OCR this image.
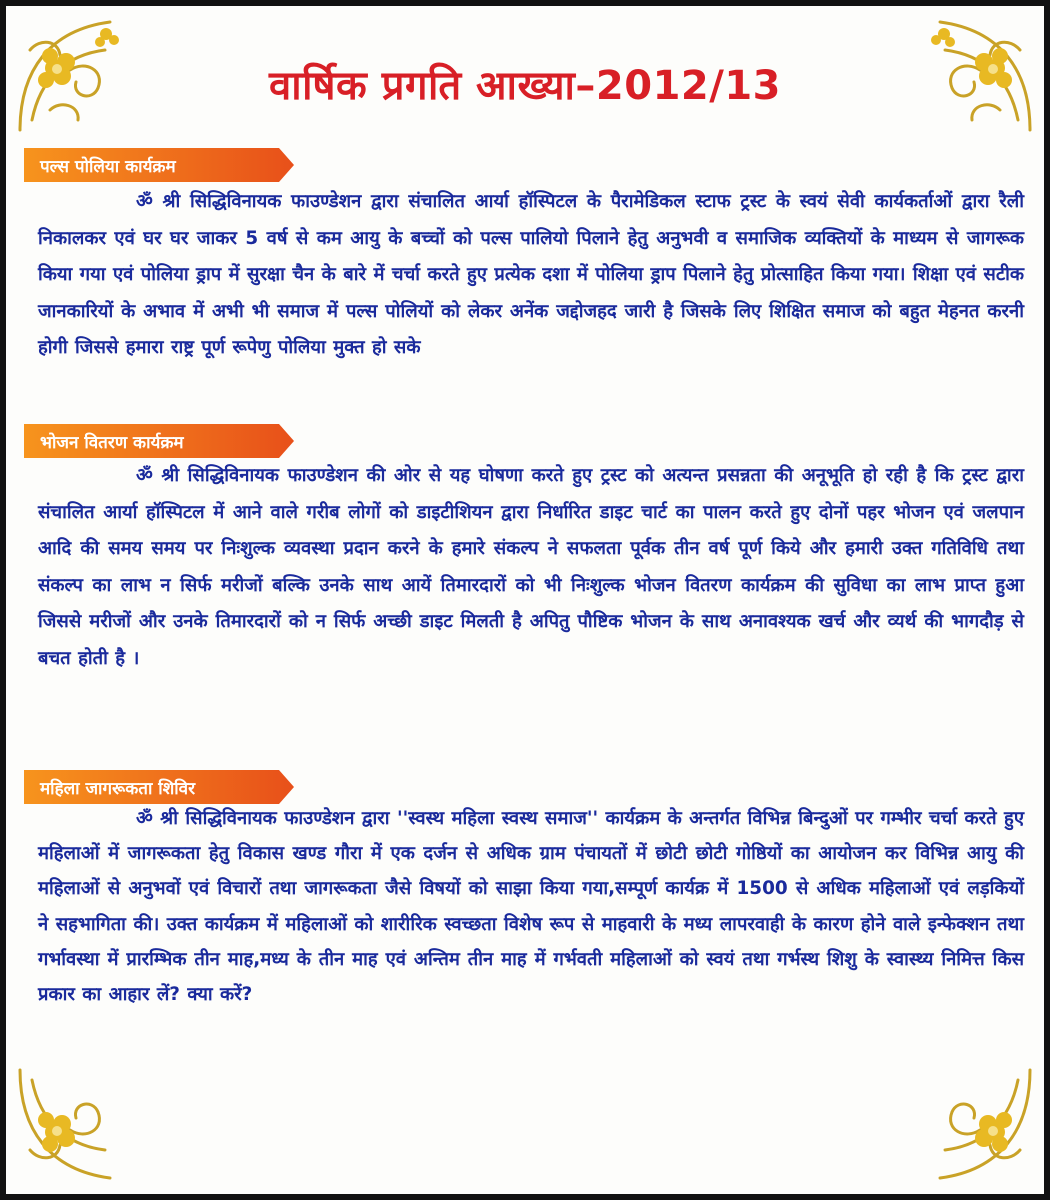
वार्षिक प्रगति आख्या–2012/13
पल्स पोलिया कार्यक्रम
ॐ श्री सिद्धिविनायक फाउण्डेशन द्वारा संचालित आर्या हॉस्पिटल के पैरामेडिकल स्टाफ ट्रस्ट के स्वयं सेवी कार्यकर्ताओं द्वारा रैली निकालकर एवं घर घर जाकर 5 वर्ष से कम आयु के बच्चों को पल्स पालियो पिलाने हेतु अनुभवी व समाजिक व्यक्तियों के माध्यम से जागरूक किया गया एवं पोलिया ड्राप में सुरक्षा चैन के बारे में चर्चा करते हुए प्रत्येक दशा में पोलिया ड्राप पिलाने हेतु प्रोत्साहित किया गया। शिक्षा एवं सटीक जानकारियों के अभाव में अभी भी समाज में पल्स पोलियों को लेकर अनेंक जद्दोजहद जारी है जिसके लिए शिक्षित समाज को बहुत मेहनत करनी होगी जिससे हमारा राष्ट्र पूर्ण रूपेणु पोलिया मुक्त हो सके
भोजन वितरण कार्यक्रम
ॐ श्री सिद्धिविनायक फाउण्डेशन की ओर से यह घोषणा करते हुए ट्रस्ट को अत्यन्त प्रसन्नता की अनूभूति हो रही है कि ट्रस्ट द्वारा संचालित आर्या हॉस्पिटल में आने वाले गरीब लोगों को डाइटीशियन द्वारा निर्धारित डाइट चार्ट का पालन करते हुए दोनों पहर भोजन एवं जलपान आदि की समय समय पर निःशुल्क व्यवस्था प्रदान करने के हमारे संकल्प ने सफलता पूर्वक तीन वर्ष पूर्ण किये और हमारी उक्त गतिविधि तथा संकल्प का लाभ न सिर्फ मरीजों बल्कि उनके साथ आयें तिमारदारों को भी निःशुल्क भोजन वितरण कार्यक्रम की सुविधा का लाभ प्राप्त हुआ जिससे मरीजों और उनके तिमारदारों को न सिर्फ अच्छी डाइट मिलती है अपितु पौष्टिक भोजन के साथ अनावश्यक खर्च और व्यर्थ की भागदौड़ से बचत होती है ।
महिला जागरूकता शिविर
ॐ श्री सिद्धिविनायक फाउण्डेशन द्वारा ''स्वस्थ महिला स्वस्थ समाज'' कार्यक्रम के अन्तर्गत विभिन्न बिन्दुओं पर गम्भीर चर्चा करते हुए महिलाओं में जागरूकता हेतु विकास खण्ड गौरा में एक दर्जन से अधिक ग्राम पंचायतों में छोटी छोटी गोष्ठियों का आयोजन कर विभिन्न आयु की महिलाओं से अनुभवों एवं विचारों तथा जागरूकता जैसे विषयों को साझा किया गया,सम्पूर्ण कार्यक्र में 1500 से अधिक महिलाओं एवं लड़कियों ने सहभागिता की। उक्त कार्यक्रम में महिलाओं को शारीरिक स्वच्छता विशेष रूप से माहवारी के मध्य लापरवाही के कारण होने वाले इन्फेक्शन तथा गर्भावस्था में प्रारम्भिक तीन माह,मध्य के तीन माह एवं अन्तिम तीन माह में गर्भवती महिलाओं को स्वयं तथा गर्भस्थ शिशु के स्वास्थ्य निमित्त किस प्रकार का आहार लें? क्या करें?
